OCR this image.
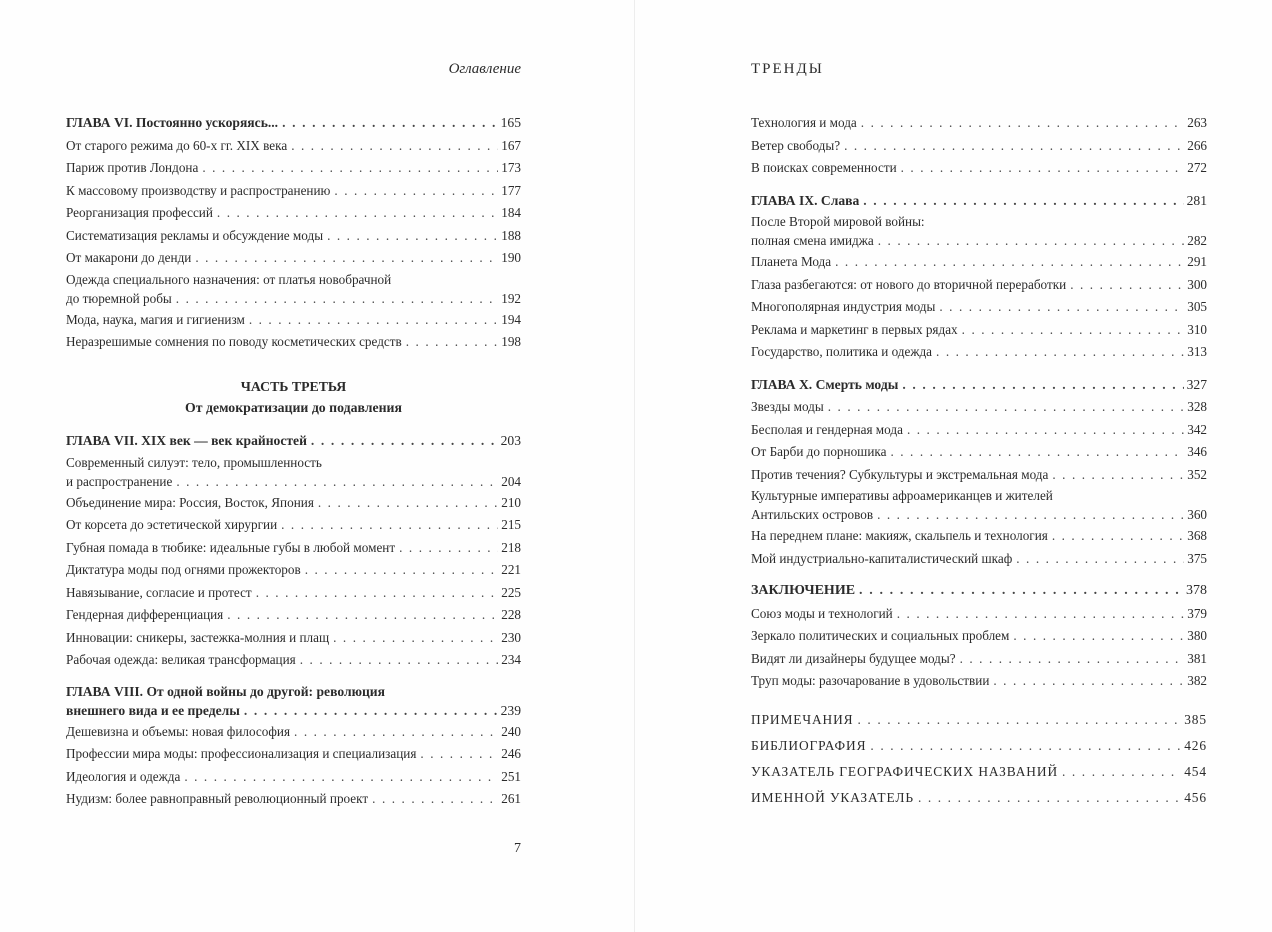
Оглавление
ГЛАВА VI. Постоянно ускоряясь... . . .	165
От старого режима до 60-х гг. XIX века . . .	167
Париж против Лондона . . .	173
К массовому производству и распространению . . .	177
Реорганизация профессий . . .	184
Систематизация рекламы и обсуждение моды . . .	188
От макарони до денди . . .	190
Одежда специального назначения: от платья новобрачной
до тюремной робы . . .	192
Мода, наука, магия и гигиенизм . . .	194
Неразрешимые сомнения по поводу косметических средств . . .	198
ЧАСТЬ ТРЕТЬЯ
От демократизации до подавления
ГЛАВА VII. XIX век — век крайностей . . .	203
Современный силуэт: тело, промышленность
и распространение . . .	204
Объединение мира: Россия, Восток, Япония . . .	210
От корсета до эстетической хирургии . . .	215
Губная помада в тюбике: идеальные губы в любой момент . . .	218
Диктатура моды под огнями прожекторов . . .	221
Навязывание, согласие и протест . . .	225
Гендерная дифференциация . . .	228
Инновации: сникеры, застежка-молния и плащ . . .	230
Рабочая одежда: великая трансформация . . .	234
ГЛАВА VIII. От одной войны до другой: революция
внешнего вида и ее пределы . . .	239
Дешевизна и объемы: новая философия . . .	240
Профессии мира моды: профессионализация и специализация . . .	246
Идеология и одежда . . .	251
Нудизм: более равноправный революционный проект . . .	261
7
ТРЕНДЫ
Технология и мода . . .	263
Ветер свободы? . . .	266
В поисках современности . . .	272
ГЛАВА IX. Слава . . .	281
После Второй мировой войны:
полная смена имиджа . . .	282
Планета Мода . . .	291
Глаза разбегаются: от нового до вторичной переработки . . .	300
Многополярная индустрия моды . . .	305
Реклама и маркетинг в первых рядах . . .	310
Государство, политика и одежда . . .	313
ГЛАВА X. Смерть моды . . .	327
Звезды моды . . .	328
Бесполая и гендерная мода . . .	342
От Барби до порношика . . .	346
Против течения? Субкультуры и экстремальная мода . . .	352
Культурные императивы афроамериканцев и жителей
Антильских островов . . .	360
На переднем плане: макияж, скальпель и технология . . .	368
Мой индустриально-капиталистический шкаф . . .	375
ЗАКЛЮЧЕНИЕ . . .	378
Союз моды и технологий . . .	379
Зеркало политических и социальных проблем . . .	380
Видят ли дизайнеры будущее моды? . . .	381
Труп моды: разочарование в удовольствии . . .	382
ПРИМЕЧАНИЯ . . .	385
БИБЛИОГРАФИЯ . . .	426
УКАЗАТЕЛЬ ГЕОГРАФИЧЕСКИХ НАЗВАНИЙ . . .	454
ИМЕННОЙ УКАЗАТЕЛЬ . . .	456
